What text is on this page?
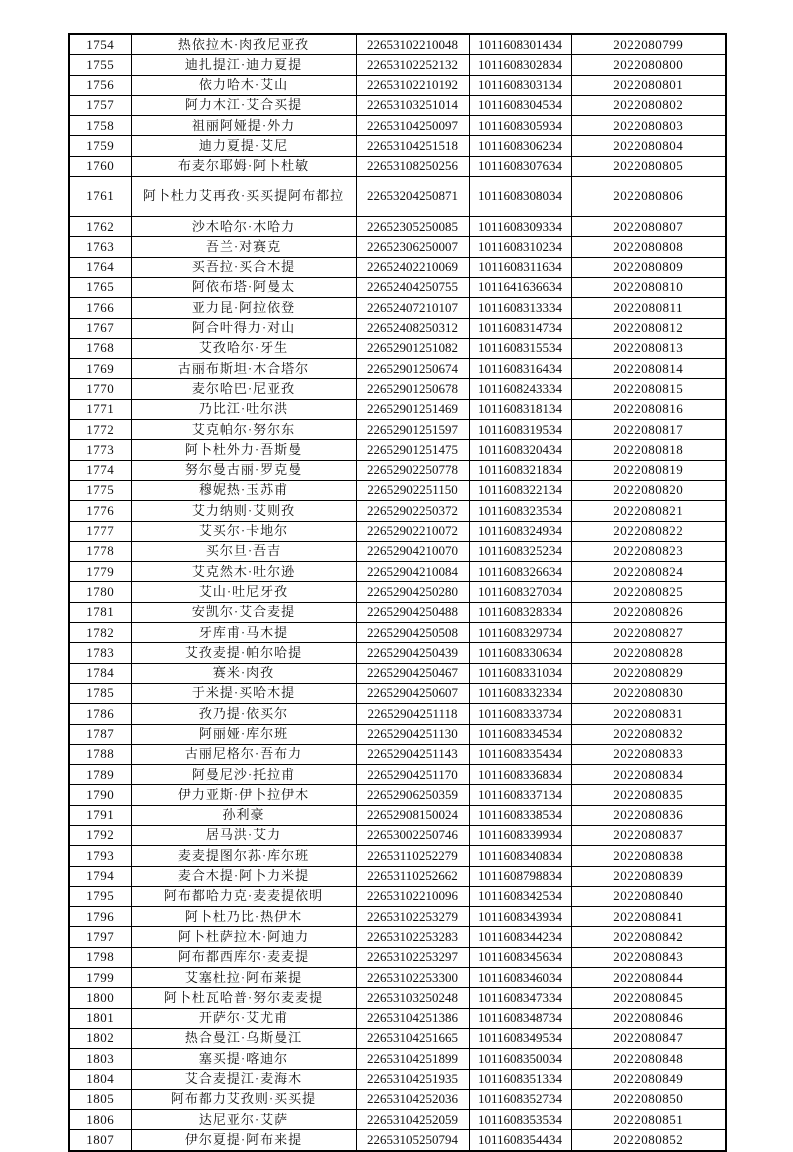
1754	热依拉木·肉孜尼亚孜	22653102210048	1011608301434	2022080799
1755	迪扎提江·迪力夏提	22653102252132	1011608302834	2022080800
1756	依力哈木·艾山	22653102210192	1011608303134	2022080801
1757	阿力木江·艾合买提	22653103251014	1011608304534	2022080802
1758	祖丽阿娅提·外力	22653104250097	1011608305934	2022080803
1759	迪力夏提·艾尼	22653104251518	1011608306234	2022080804
1760	布麦尔耶姆·阿卜杜敏	22653108250256	1011608307634	2022080805
1761	阿卜杜力艾再孜·买买提阿布都拉	22653204250871	1011608308034	2022080806
1762	沙木哈尔·木哈力	22652305250085	1011608309334	2022080807
1763	吾兰·对赛克	22652306250007	1011608310234	2022080808
1764	买吾拉·买合木提	22652402210069	1011608311634	2022080809
1765	阿依布塔·阿曼太	22652404250755	1011641636634	2022080810
1766	亚力昆·阿拉依登	22652407210107	1011608313334	2022080811
1767	阿合叶得力·对山	22652408250312	1011608314734	2022080812
1768	艾孜哈尔·牙生	22652901251082	1011608315534	2022080813
1769	古丽布斯坦·木合塔尔	22652901250674	1011608316434	2022080814
1770	麦尔哈巴·尼亚孜	22652901250678	1011608243334	2022080815
1771	乃比江·吐尔洪	22652901251469	1011608318134	2022080816
1772	艾克帕尔·努尔东	22652901251597	1011608319534	2022080817
1773	阿卜杜外力·吾斯曼	22652901251475	1011608320434	2022080818
1774	努尔曼古丽·罗克曼	22652902250778	1011608321834	2022080819
1775	穆妮热·玉苏甫	22652902251150	1011608322134	2022080820
1776	艾力纳则·艾则孜	22652902250372	1011608323534	2022080821
1777	艾买尔·卡地尔	22652902210072	1011608324934	2022080822
1778	买尔旦·吾吉	22652904210070	1011608325234	2022080823
1779	艾克然木·吐尔逊	22652904210084	1011608326634	2022080824
1780	艾山·吐尼牙孜	22652904250280	1011608327034	2022080825
1781	安凯尔·艾合麦提	22652904250488	1011608328334	2022080826
1782	牙库甫·马木提	22652904250508	1011608329734	2022080827
1783	艾孜麦提·帕尔哈提	22652904250439	1011608330634	2022080828
1784	赛米·肉孜	22652904250467	1011608331034	2022080829
1785	于米提·买哈木提	22652904250607	1011608332334	2022080830
1786	孜乃提·依买尔	22652904251118	1011608333734	2022080831
1787	阿丽娅·库尔班	22652904251130	1011608334534	2022080832
1788	古丽尼格尔·吾布力	22652904251143	1011608335434	2022080833
1789	阿曼尼沙·托拉甫	22652904251170	1011608336834	2022080834
1790	伊力亚斯·伊卜拉伊木	22652906250359	1011608337134	2022080835
1791	孙利豪	22652908150024	1011608338534	2022080836
1792	居马洪·艾力	22653002250746	1011608339934	2022080837
1793	麦麦提图尔荪·库尔班	22653110252279	1011608340834	2022080838
1794	麦合木提·阿卜力米提	22653110252662	1011608798834	2022080839
1795	阿布都哈力克·麦麦提依明	22653102210096	1011608342534	2022080840
1796	阿卜杜乃比·热伊木	22653102253279	1011608343934	2022080841
1797	阿卜杜萨拉木·阿迪力	22653102253283	1011608344234	2022080842
1798	阿布都西库尔·麦麦提	22653102253297	1011608345634	2022080843
1799	艾塞杜拉·阿布莱提	22653102253300	1011608346034	2022080844
1800	阿卜杜瓦哈普·努尔麦麦提	22653103250248	1011608347334	2022080845
1801	开萨尔·艾尤甫	22653104251386	1011608348734	2022080846
1802	热合曼江·乌斯曼江	22653104251665	1011608349534	2022080847
1803	塞买提·喀迪尔	22653104251899	1011608350034	2022080848
1804	艾合麦提江·麦海木	22653104251935	1011608351334	2022080849
1805	阿布都力艾孜则·买买提	22653104252036	1011608352734	2022080850
1806	达尼亚尔·艾萨	22653104252059	1011608353534	2022080851
1807	伊尔夏提·阿布来提	22653105250794	1011608354434	2022080852
